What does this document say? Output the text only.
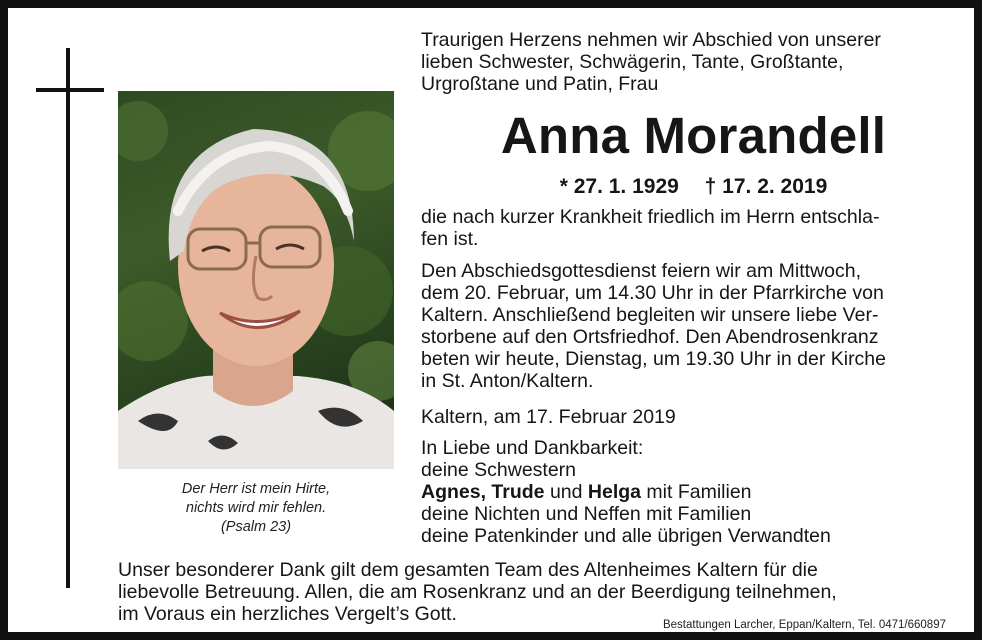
Der Herr ist mein Hirte,
nichts wird mir fehlen.
(Psalm 23)
Traurigen Herzens nehmen wir Abschied von unserer
lieben Schwester, Schwägerin, Tante, Großtante,
Urgroßtane und Patin, Frau
Anna Morandell
* 27. 1. 1929 † 17. 2. 2019
die nach kurzer Krankheit friedlich im Herrn entschla-
fen ist.
Den Abschiedsgottesdienst feiern wir am Mittwoch,
dem 20. Februar, um 14.30 Uhr in der Pfarrkirche von
Kaltern. Anschließend begleiten wir unsere liebe Ver-
storbene auf den Ortsfriedhof. Den Abendrosenkranz
beten wir heute, Dienstag, um 19.30 Uhr in der Kirche
in St. Anton/Kaltern.
Kaltern, am 17. Februar 2019
In Liebe und Dankbarkeit:
deine Schwestern
Agnes, Trude und Helga mit Familien
deine Nichten und Neffen mit Familien
deine Patenkinder und alle übrigen Verwandten
Unser besonderer Dank gilt dem gesamten Team des Altenheimes Kaltern für die
liebevolle Betreuung. Allen, die am Rosenkranz und an der Beerdigung teilnehmen,
im Voraus ein herzliches Vergelt’s Gott.	Bestattungen Larcher, Eppan/Kaltern, Tel. 0471/660897
